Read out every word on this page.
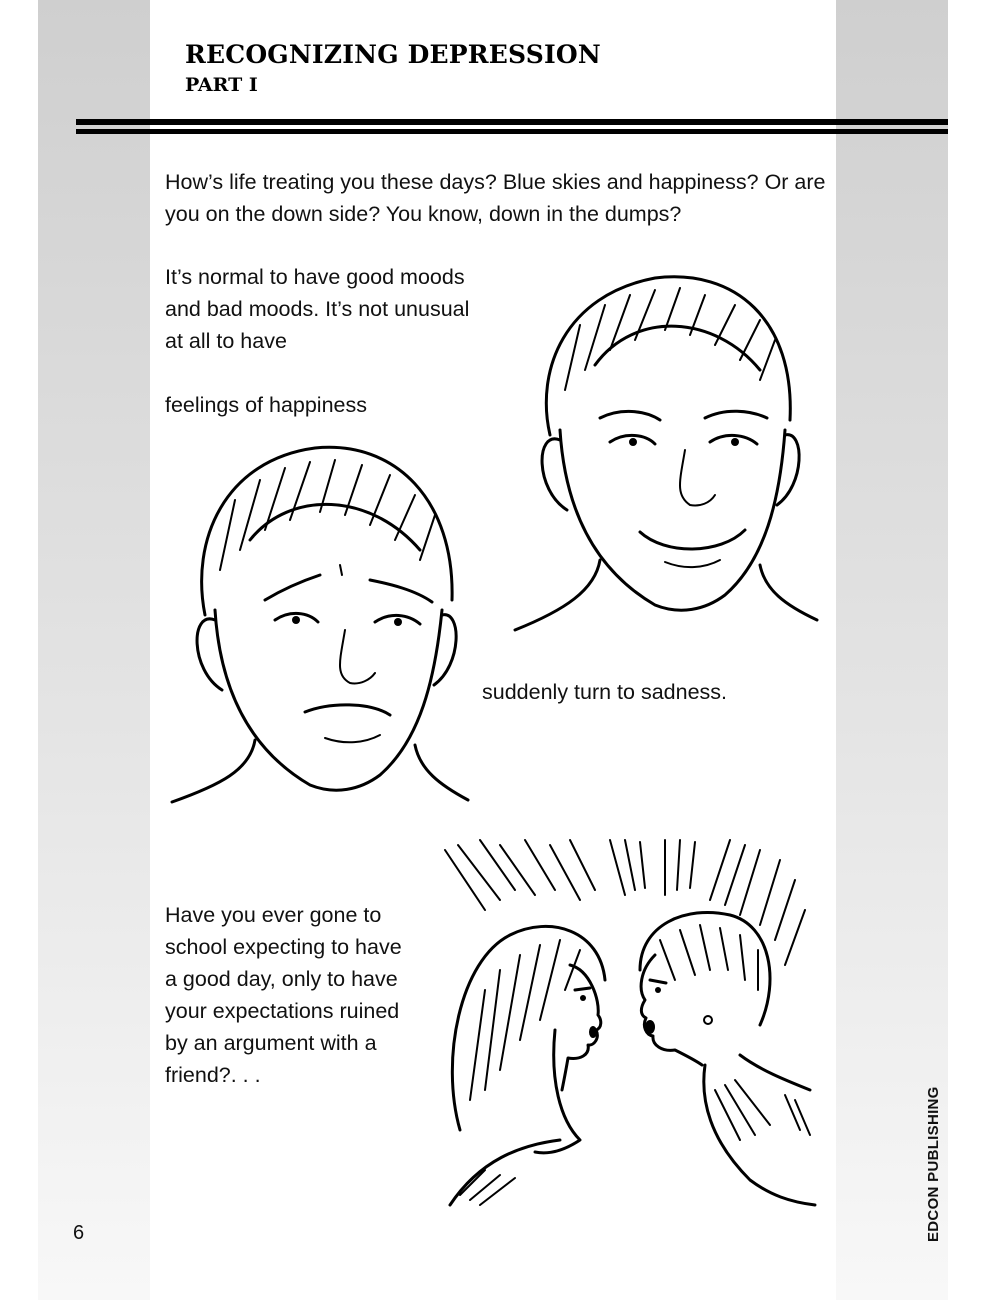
RECOGNIZING DEPRESSION
PART I

How’s life treating you these days? Blue skies and happiness? Or are you on the down side? You know, down in the dumps?

It’s normal to have good moods
and bad moods. It’s not unusual
at all to have
feelings of happiness
suddenly turn to sadness.
Have you ever gone to
school expecting to have
a good day, only to have
your expectations ruined
by an argument with a
friend?. . .
6	EDCON PUBLISHING
